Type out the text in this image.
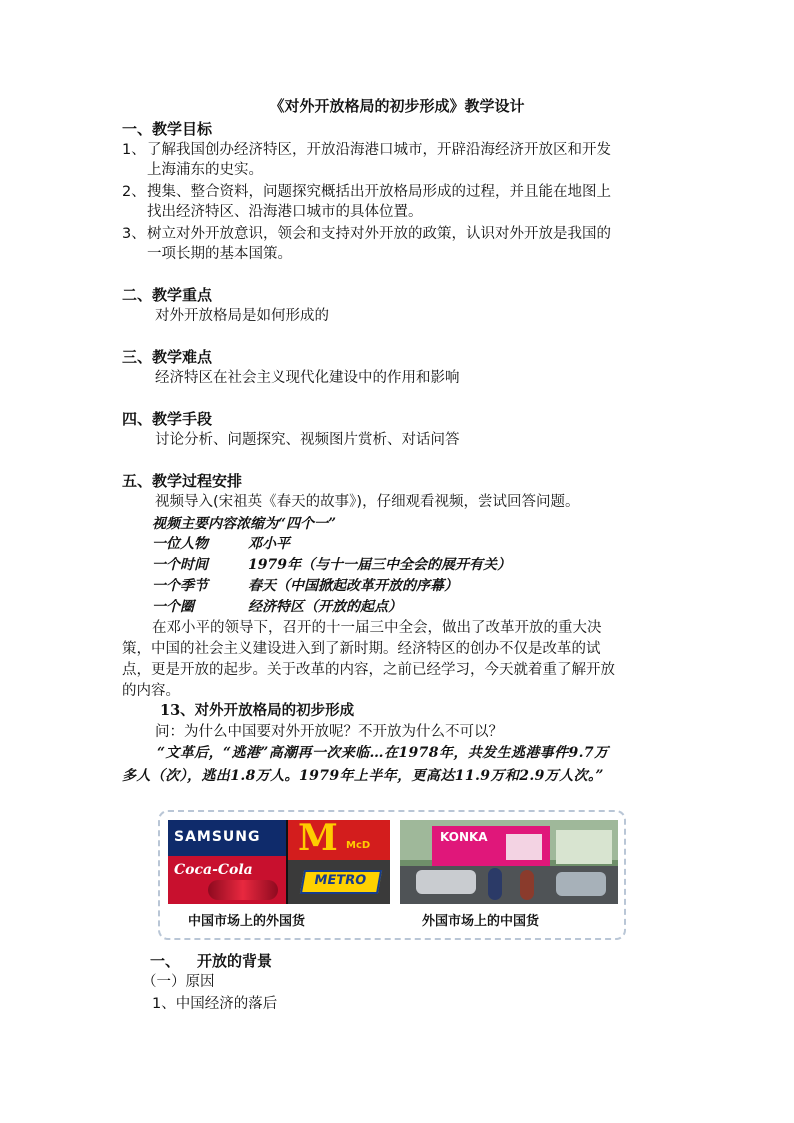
《对外开放格局的初步形成》教学设计
一、教学目标
1、 了解我国创办经济特区，开放沿海港口城市，开辟沿海经济开放区和开发
上海浦东的史实。
2、 搜集、整合资料，问题探究概括出开放格局形成的过程，并且能在地图上
找出经济特区、沿海港口城市的具体位置。
3、 树立对外开放意识，领会和支持对外开放的政策，认识对外开放是我国的
一项长期的基本国策。
二、教学重点
对外开放格局是如何形成的
三、教学难点
经济特区在社会主义现代化建设中的作用和影响
四、教学手段
讨论分析、问题探究、视频图片赏析、对话问答
五、教学过程安排
视频导入(宋祖英《春天的故事》)，仔细观看视频，尝试回答问题。
视频主要内容浓缩为“四个一”
一位人物	邓小平
一个时间	1979年（与十一届三中全会的展开有关）
一个季节	春天（中国掀起改革开放的序幕）
一个圈	经济特区（开放的起点）
在邓小平的领导下，召开的十一届三中全会，做出了改革开放的重大决
策，中国的社会主义建设进入到了新时期。经济特区的创办不仅是改革的试
点，更是开放的起步。关于改革的内容，之前已经学习，今天就着重了解开放
的内容。
13、对外开放格局的初步形成
问：为什么中国要对外开放呢？不开放为什么不可以？
“文革后，“逃港”高潮再一次来临…在1978年，共发生逃港事件9.7万
多人（次），逃出1.8万人。1979年上半年，更高达11.9万和2.9万人次。”
SAMSUNG
Coca-Cola
M McD
METRO
KONKA
中国市场上的外国货	外国市场上的中国货
一、 开放的背景
（一）原因
1、中国经济的落后
